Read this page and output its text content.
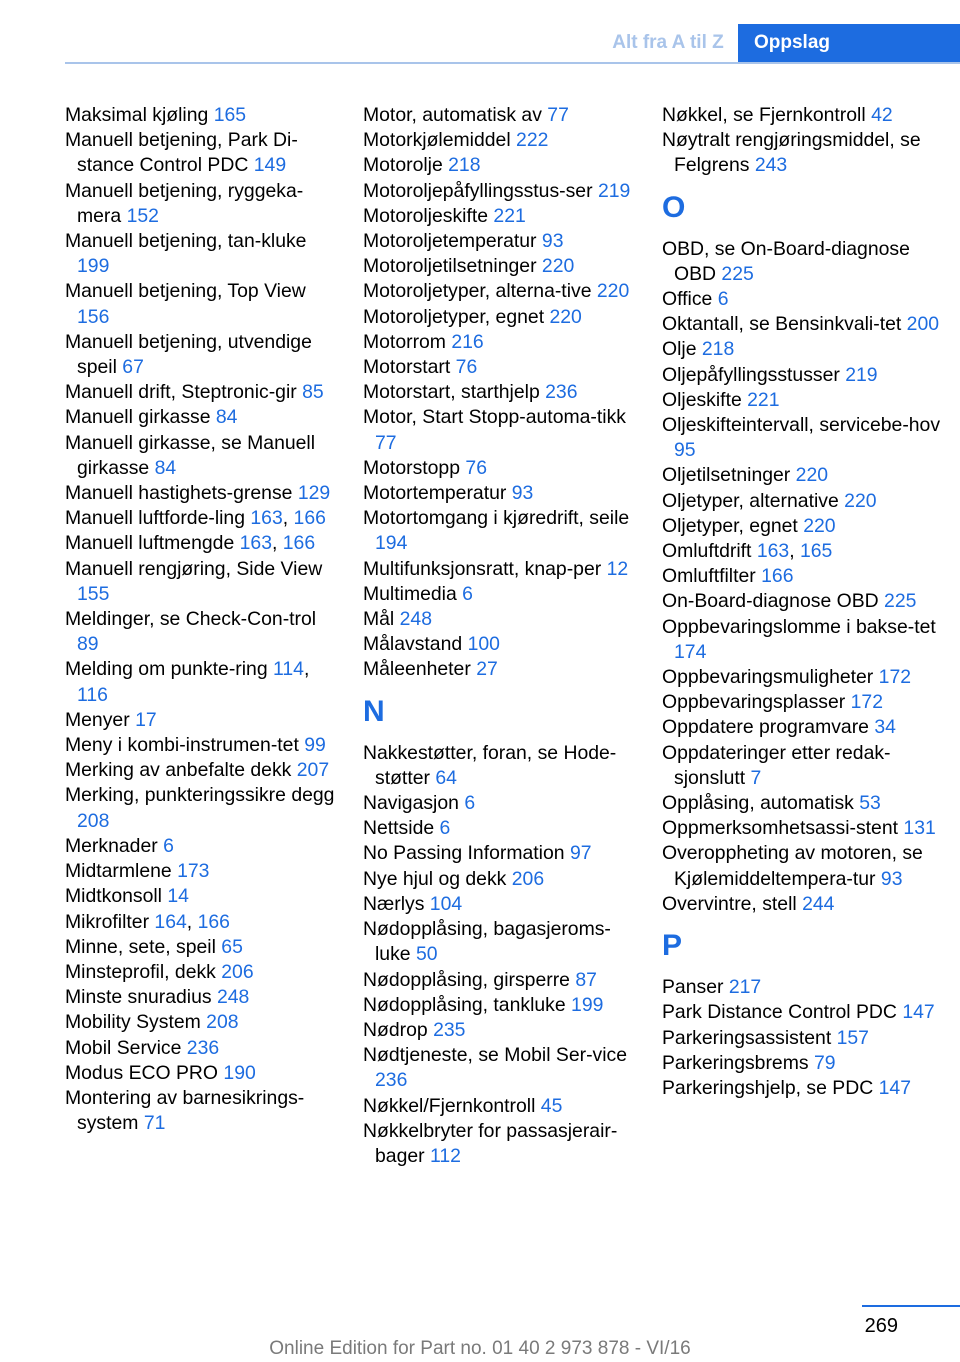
Alt fra A til Z	Oppslag
Maksimal kjøling 165
Manuell betjening, Park Di-stance Control PDC 149
Manuell betjening, ryggeka-mera 152
Manuell betjening, tan-kluke 199
Manuell betjening, Top View 156
Manuell betjening, utvendige speil 67
Manuell drift, Steptronic-gir 85
Manuell girkasse 84
Manuell girkasse, se Manuell girkasse 84
Manuell hastighets-grense 129
Manuell luftforde-ling 163, 166
Manuell luftmengde 163, 166
Manuell rengjøring, Side View 155
Meldinger, se Check-Con-trol 89
Melding om punkte-ring 114, 116
Menyer 17
Meny i kombi-instrumen-tet 99
Merking av anbefalte dekk 207
Merking, punkteringssikre degg 208
Merknader 6
Midtarmlene 173
Midtkonsoll 14
Mikrofilter 164, 166
Minne, sete, speil 65
Minsteprofil, dekk 206
Minste snuradius 248
Mobility System 208
Mobil Service 236
Modus ECO PRO 190
Montering av barnesikrings-system 71
Motor, automatisk av 77
Motorkjølemiddel 222
Motorolje 218
Motoroljepåfyllingsstus-ser 219
Motoroljeskifte 221
Motoroljetemperatur 93
Motoroljetilsetninger 220
Motoroljetyper, alterna-tive 220
Motoroljetyper, egnet 220
Motorrom 216
Motorstart 76
Motorstart, starthjelp 236
Motor, Start Stopp-automa-tikk 77
Motorstopp 76
Motortemperatur 93
Motortomgang i kjøredrift, seile 194
Multifunksjonsratt, knap-per 12
Multimedia 6
Mål 248
Målavstand 100
Måleenheter 27
N
Nakkestøtter, foran, se Hode-støtter 64
Navigasjon 6
Nettside 6
No Passing Information 97
Nye hjul og dekk 206
Nærlys 104
Nødopplåsing, bagasjeroms-luke 50
Nødopplåsing, girsperre 87
Nødopplåsing, tankluke 199
Nødrop 235
Nødtjeneste, se Mobil Ser-vice 236
Nøkkel/Fjernkontroll 45
Nøkkelbryter for passasjerair-bager 112
Nøkkel, se Fjernkontroll 42
Nøytralt rengjøringsmiddel, se Felgrens 243
O
OBD, se On-Board-diagnose OBD 225
Office 6
Oktantall, se Bensinkvali-tet 200
Olje 218
Oljepåfyllingsstusser 219
Oljeskifte 221
Oljeskifteintervall, servicebe-hov 95
Oljetilsetninger 220
Oljetyper, alternative 220
Oljetyper, egnet 220
Omluftdrift 163, 165
Omluftfilter 166
On-Board-diagnose OBD 225
Oppbevaringslomme i bakse-tet 174
Oppbevaringsmuligheter 172
Oppbevaringsplasser 172
Oppdatere programvare 34
Oppdateringer etter redak-sjonslutt 7
Opplåsing, automatisk 53
Oppmerksomhetsassi-stent 131
Overoppheting av motoren, se Kjølemiddeltempera-tur 93
Overvintre, stell 244
P
Panser 217
Park Distance Control PDC 147
Parkeringsassistent 157
Parkeringsbrems 79
Parkeringshjelp, se PDC 147
269
Online Edition for Part no. 01 40 2 973 878 - VI/16
